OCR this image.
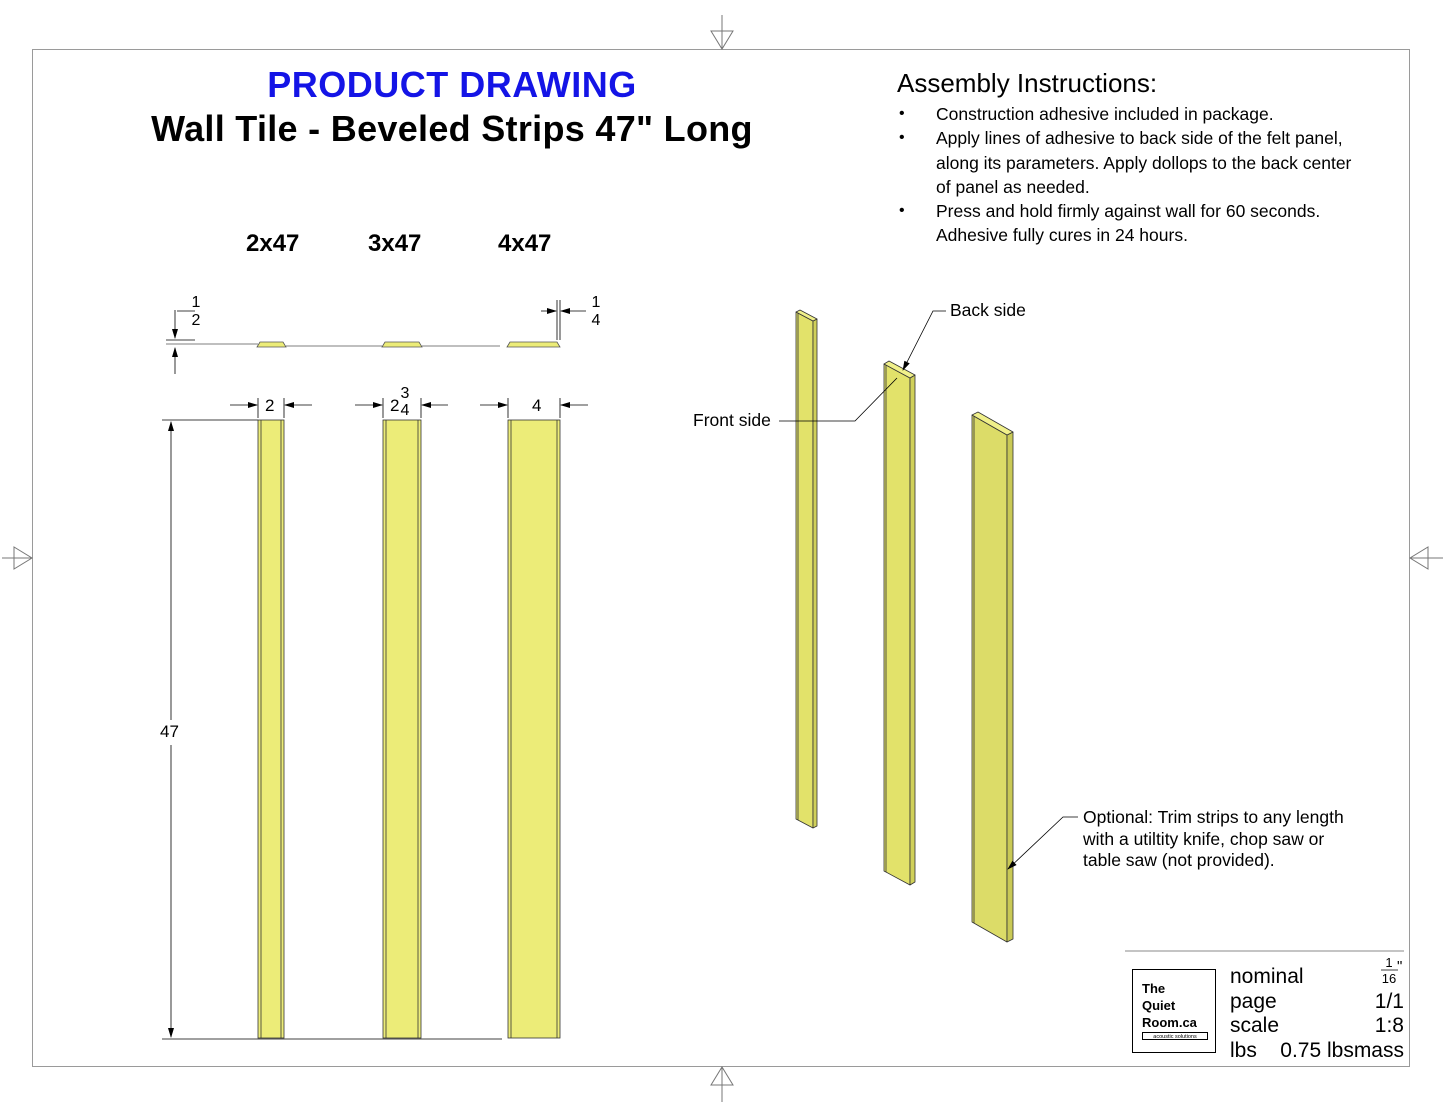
PRODUCT DRAWING
Wall Tile - Beveled Strips 47" Long
2x47	3x47	4x47
1
2
1
4
2	2
3
4	4
47
Assembly Instructions:
• Construction adhesive included in package.
• Apply lines of adhesive to back side of the felt panel,
along its parameters. Apply dollops to the back center
of panel as needed.
• Press and hold firmly against wall for 60 seconds.
Adhesive fully cures in 24 hours.
Back side
Front side
Optional: Trim strips to any length
with a utiltity knife, chop saw or
table saw (not provided).
The
Quiet
Room.ca
acoustic solutions
nominal
1
16
"
page	1/1
scale	1:8
lbs 0.75 lbsmass
